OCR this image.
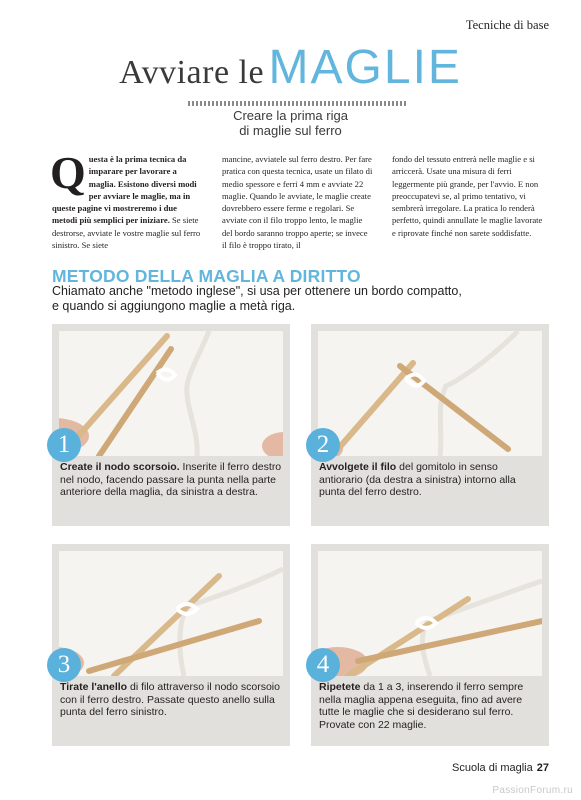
Tecniche di base
Avviare le MAGLIE
Creare la prima riga
di maglie sul ferro
Questa è la prima tecnica da imparare per lavorare a maglia. Esistono diversi modi per avviare le maglie, ma in queste pagine vi mostreremo i due metodi più semplici per iniziare. Se siete destrorse, avviate le vostre maglie sul ferro sinistro. Se siete
mancine, avviatele sul ferro destro. Per fare pratica con questa tecnica, usate un filato di medio spessore e ferri 4 mm e avviate 22 maglie. Quando le avviate, le maglie create dovrebbero essere ferme e regolari. Se avviate con il filo troppo lento, le maglie del bordo saranno troppo aperte; se invece il filo è troppo tirato, il
fondo del tessuto entrerà nelle maglie e si arriccerà. Usate una misura di ferri leggermente più grande, per l'avvio. E non preoccupatevi se, al primo tentativo, vi sembrerà irregolare. La pratica lo renderà perfetto, quindi annullate le maglie lavorate e riprovate finché non sarete soddisfatte.
METODO DELLA MAGLIA A DIRITTO
Chiamato anche "metodo inglese", si usa per ottenere un bordo compatto,
e quando si aggiungono maglie a metà riga.
1
Create il nodo scorsoio. Inserite il ferro destro nel nodo, facendo passare la punta nella parte anteriore della maglia, da sinistra a destra.
2
Avvolgete il filo del gomitolo in senso antiorario (da destra a sinistra) intorno alla punta del ferro destro.
3
Tirate l'anello di filo attraverso il nodo scorsoio con il ferro destro. Passate questo anello sulla punta del ferro sinistro.
4
Ripetete da 1 a 3, inserendo il ferro sempre nella maglia appena eseguita, fino ad avere tutte le maglie che si desiderano sul ferro. Provate con 22 maglie.
Scuola di maglia 27
PassionForum.ru
